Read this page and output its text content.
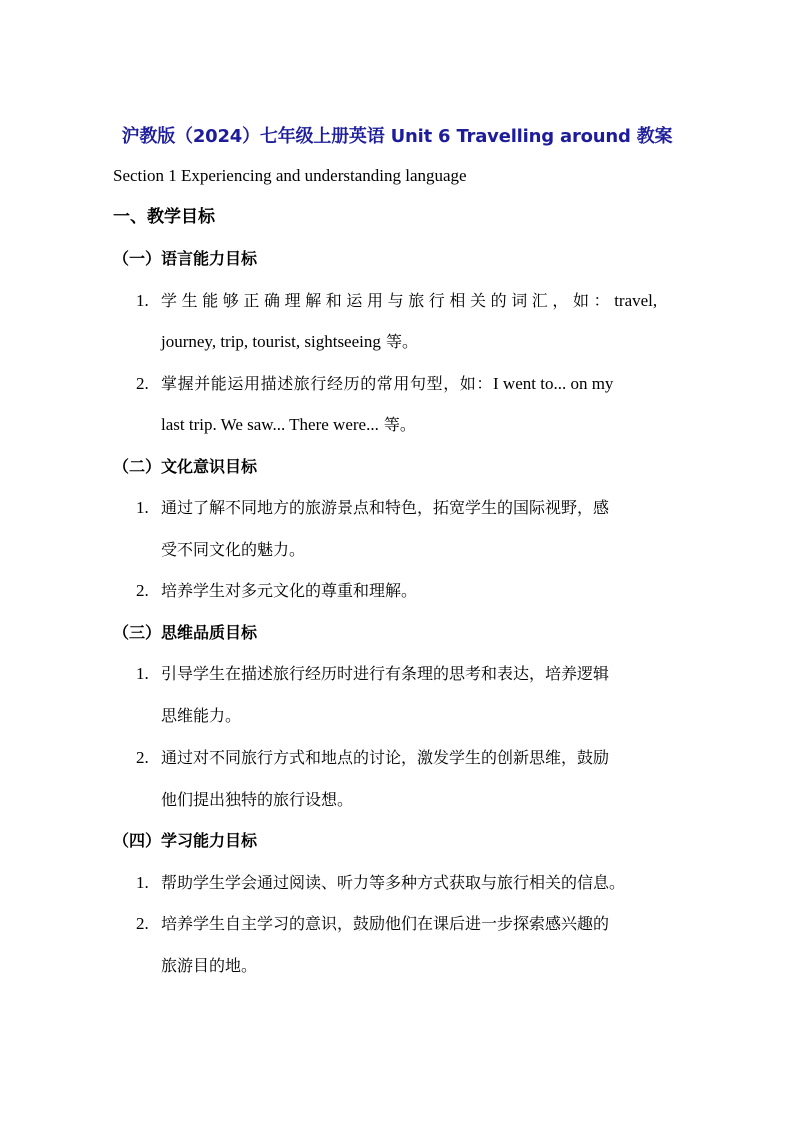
沪教版（2024）七年级上册英语 Unit 6 Travelling around 教案
Section 1 Experiencing and understanding language
一、教学目标
（一）语言能力目标
1. 学生能够正确理解和运用与旅行相关的词汇，如：travel,
journey, trip, tourist, sightseeing 等。
2. 掌握并能运用描述旅行经历的常用句型，如：I went to... on my
last trip. We saw... There were... 等。
（二）文化意识目标
1. 通过了解不同地方的旅游景点和特色，拓宽学生的国际视野，感
受不同文化的魅力。
2. 培养学生对多元文化的尊重和理解。
（三）思维品质目标
1. 引导学生在描述旅行经历时进行有条理的思考和表达，培养逻辑
思维能力。
2. 通过对不同旅行方式和地点的讨论，激发学生的创新思维，鼓励
他们提出独特的旅行设想。
（四）学习能力目标
1. 帮助学生学会通过阅读、听力等多种方式获取与旅行相关的信息。
2. 培养学生自主学习的意识，鼓励他们在课后进一步探索感兴趣的
旅游目的地。
